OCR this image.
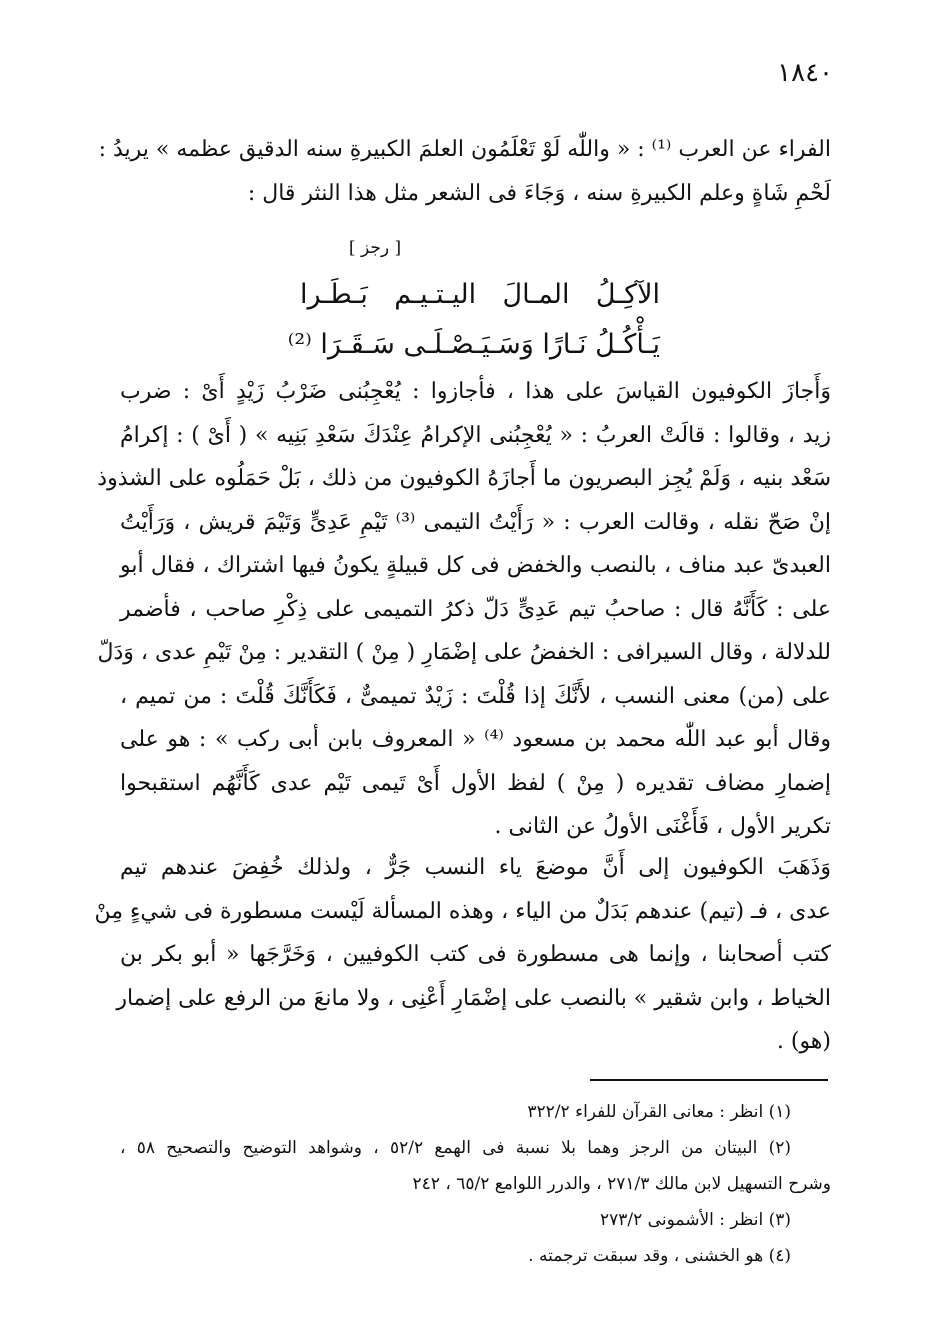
١٨٤٠
الفراء عن العرب ⁽¹⁾ : « واللّٰه لَوْ تَعْلَمُون العلمَ الكبيرةِ سنه الدقيق عظمه » يريدُ :
لَحْمِ شَاةٍ وعلم الكبيرةِ سنه ، وَجَاءَ فى الشعر مثل هذا النثر قال :
[ رجز ]
الآكِـلُ المـالَ اليـتـيـم بَـطَـرا
يَـأْكُـلُ نَـارًا وَسَـيَـصْـلَـى سَـقَـرَا ⁽²⁾
وَأَجازَ الكوفيون القياسَ على هذا ، فأجازوا : يُعْجِبُنى ضَرْبُ زَيْدٍ أَىْ : ضرب
زيد ، وقالوا : قالَتْ العربُ : « يُعْجِبُنى الإكرامُ عِنْدَكَ سَعْدِ بَنِيه » ( أَىْ ) : إكرامُ
سَعْد بنيه ، وَلَمْ يُجِز البصريون ما أَجازَهُ الكوفيون من ذلك ، بَلْ حَمَلُوه على الشذوذ
إنْ صَحّ نقله ، وقالت العرب : « رَأَيْتُ التيمى ⁽³⁾ تَيْمِ عَدِىٍّ وَتَيْمَ قريش ، وَرَأَيْتُ
العبدىّ عبد مناف ، بالنصب والخفض فى كل قبيلةٍ يكونُ فيها اشتراك ، فقال أبو
على : كَأَنَّهُ قال : صاحبُ تيم عَدِىٍّ دَلّ ذكرُ التميمى على ذِكْرِ صاحب ، فأضمر
للدلالة ، وقال السيرافى : الخفضُ على إضْمَارِ ( مِنْ ) التقدير : مِنْ تَيْمِ عدى ، وَدَلّ
على (من) معنى النسب ، لأَنَّكَ إذا قُلْتَ : زَيْدٌ تميمىٌّ ، فَكَأَنَّكَ قُلْتَ : من تميم ،
وقال أبو عبد اللّٰه محمد بن مسعود ⁽⁴⁾ « المعروف بابن أبى ركب » : هو على
إضمارِ مضاف تقديره ( مِنْ ) لفظ الأول أَىْ تَيمى تَيْم عدى كَأَنَّهُم استقبحوا
تكرير الأول ، فَأَغْنَى الأولُ عن الثانى .
وَذَهَبَ الكوفيون إلى أَنَّ موضعَ ياء النسب جَرٌّ ، ولذلك خُفِضَ عندهم تيم
عدى ، فـ (تيم) عندهم بَدَلٌ من الياء ، وهذه المسألة لَيْست مسطورة فى شيءٍ مِنْ
كتب أصحابنا ، وإنما هى مسطورة فى كتب الكوفيين ، وَخَرَّجَها « أبو بكر بن
الخياط ، وابن شقير » بالنصب على إضْمَارِ أَعْنِى ، ولا مانعَ من الرفع على إضمار
(هو) .
(١) انظر : معانى القرآن للفراء ٣٢٢/٢
(٢) البيتان من الرجز وهما بلا نسبة فى الهمع ٥٢/٢ ، وشواهد التوضيح والتصحيح ٥٨ ،
وشرح التسهيل لابن مالك ٢٧١/٣ ، والدرر اللوامع ٦٥/٢ ، ٢٤٢
(٣) انظر : الأشمونى ٢٧٣/٢
(٤) هو الخشنى ، وقد سبقت ترجمته .
